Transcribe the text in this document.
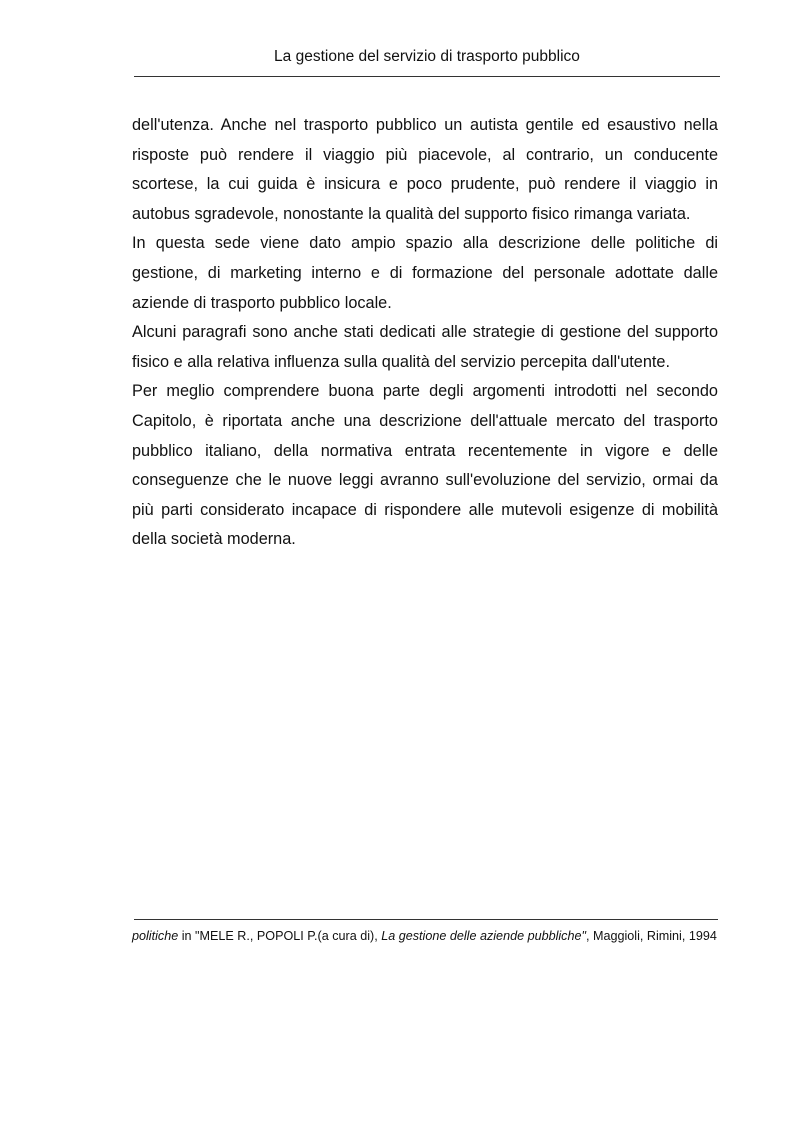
La gestione del servizio di trasporto pubblico

dell'utenza. Anche nel trasporto pubblico un autista gentile ed esaustivo nella risposte può rendere il viaggio più piacevole, al contrario, un conducente scortese, la cui guida è insicura e poco prudente, può rendere il viaggio in autobus sgradevole, nonostante la qualità del supporto fisico rimanga variata.

In questa sede viene dato ampio spazio alla descrizione delle politiche di gestione, di marketing interno e di formazione del personale adottate dalle aziende di trasporto pubblico locale.

Alcuni paragrafi sono anche stati dedicati alle strategie di gestione del supporto fisico e alla relativa influenza sulla qualità del servizio percepita dall'utente.

Per meglio comprendere buona parte degli argomenti introdotti nel secondo Capitolo, è riportata anche una descrizione dell'attuale mercato del trasporto pubblico italiano, della normativa entrata recentemente in vigore e delle conseguenze che le nuove leggi avranno sull'evoluzione del servizio, ormai da più parti considerato incapace di rispondere alle mutevoli esigenze di mobilità della società moderna.

politiche in "MELE R., POPOLI P.(a cura di), La gestione delle aziende pubbliche", Maggioli, Rimini, 1994
